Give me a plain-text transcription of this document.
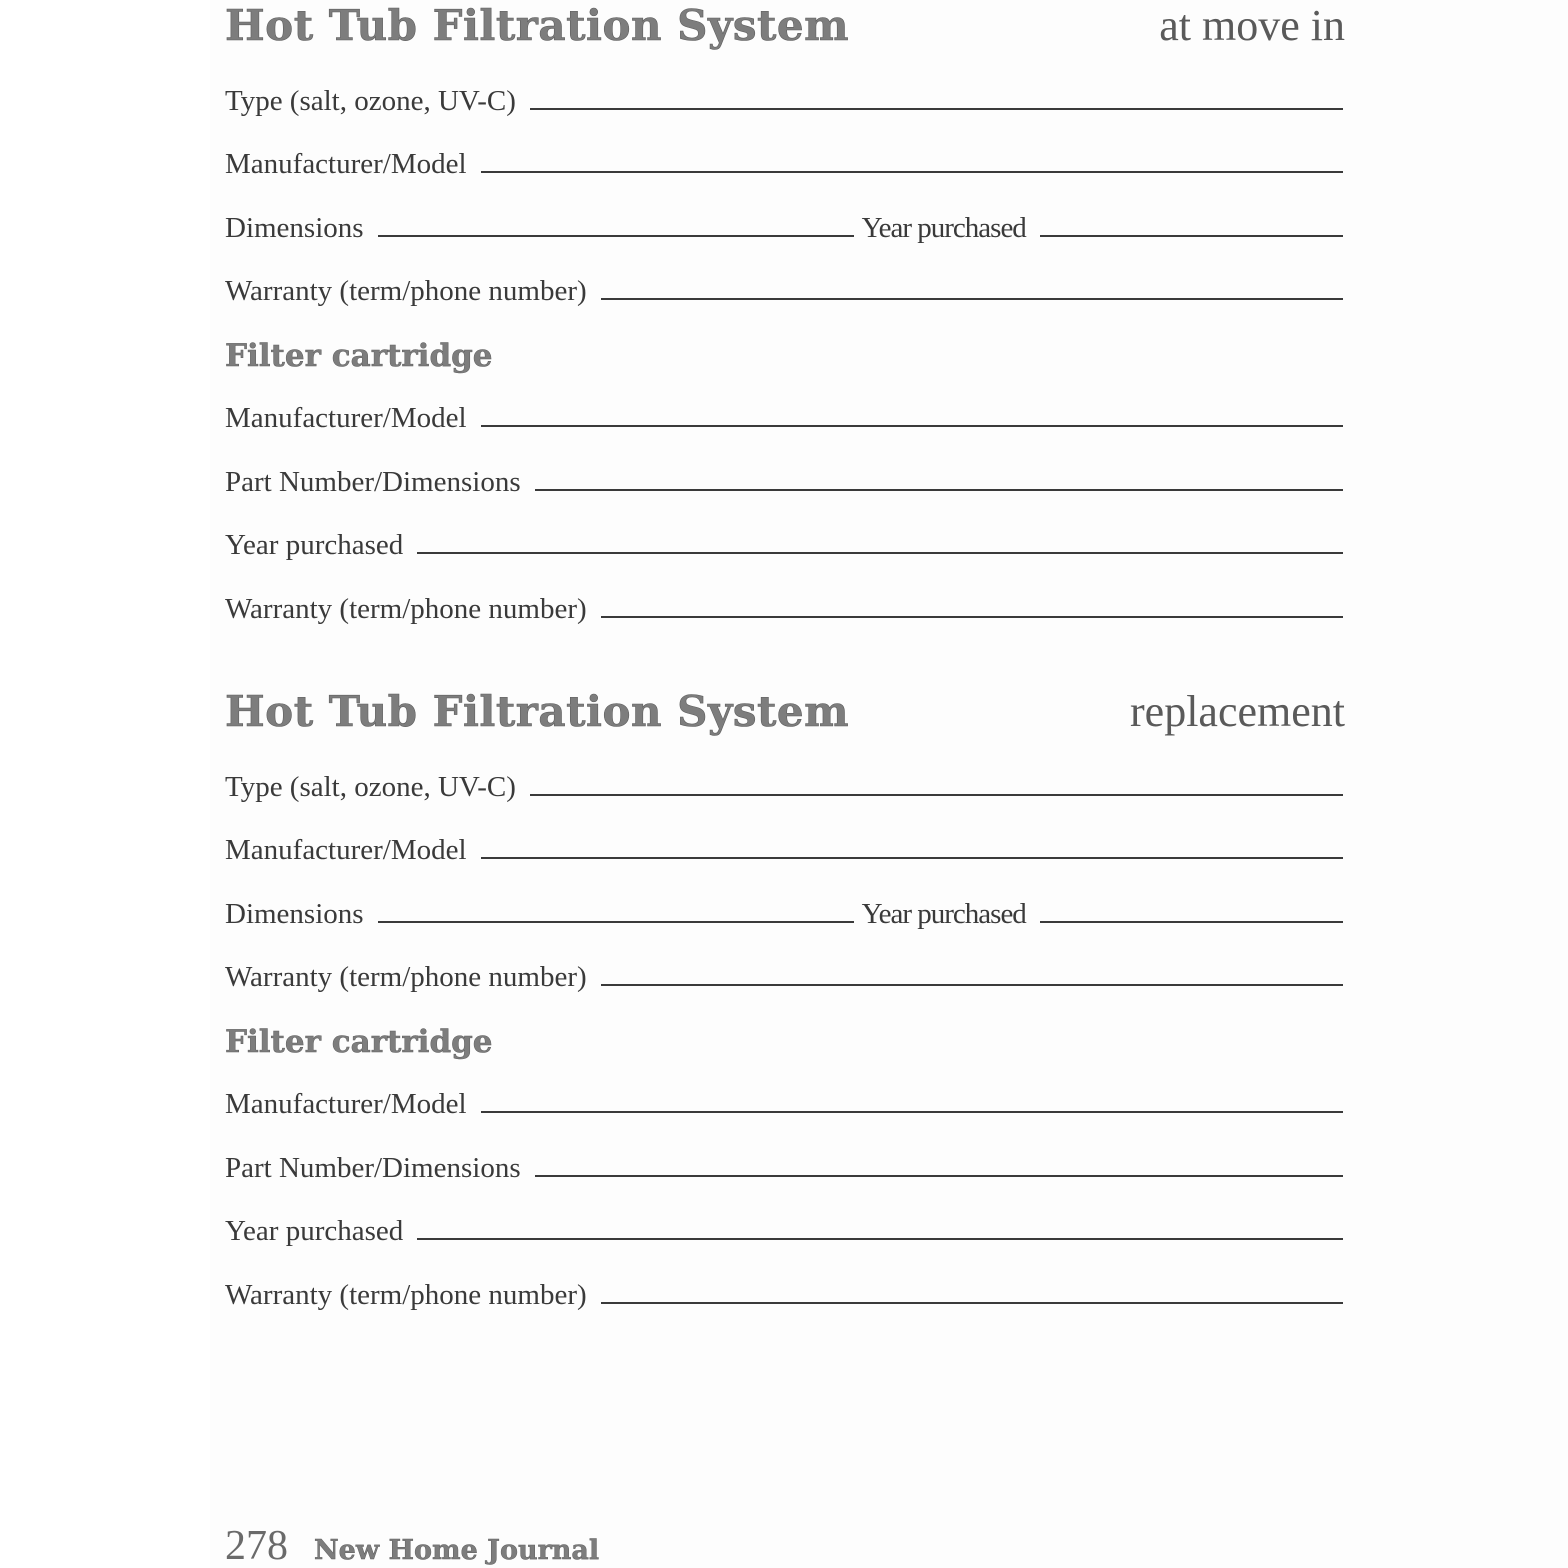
Hot Tub Filtration System	at move in
Type (salt, ozone, UV-C)
Manufacturer/Model
Dimensions	Year purchased
Warranty (term/phone number)
Filter cartridge
Manufacturer/Model
Part Number/Dimensions
Year purchased
Warranty (term/phone number)
Hot Tub Filtration System	replacement
Type (salt, ozone, UV-C)
Manufacturer/Model
Dimensions	Year purchased
Warranty (term/phone number)
Filter cartridge
Manufacturer/Model
Part Number/Dimensions
Year purchased
Warranty (term/phone number)
278 New Home Journal
